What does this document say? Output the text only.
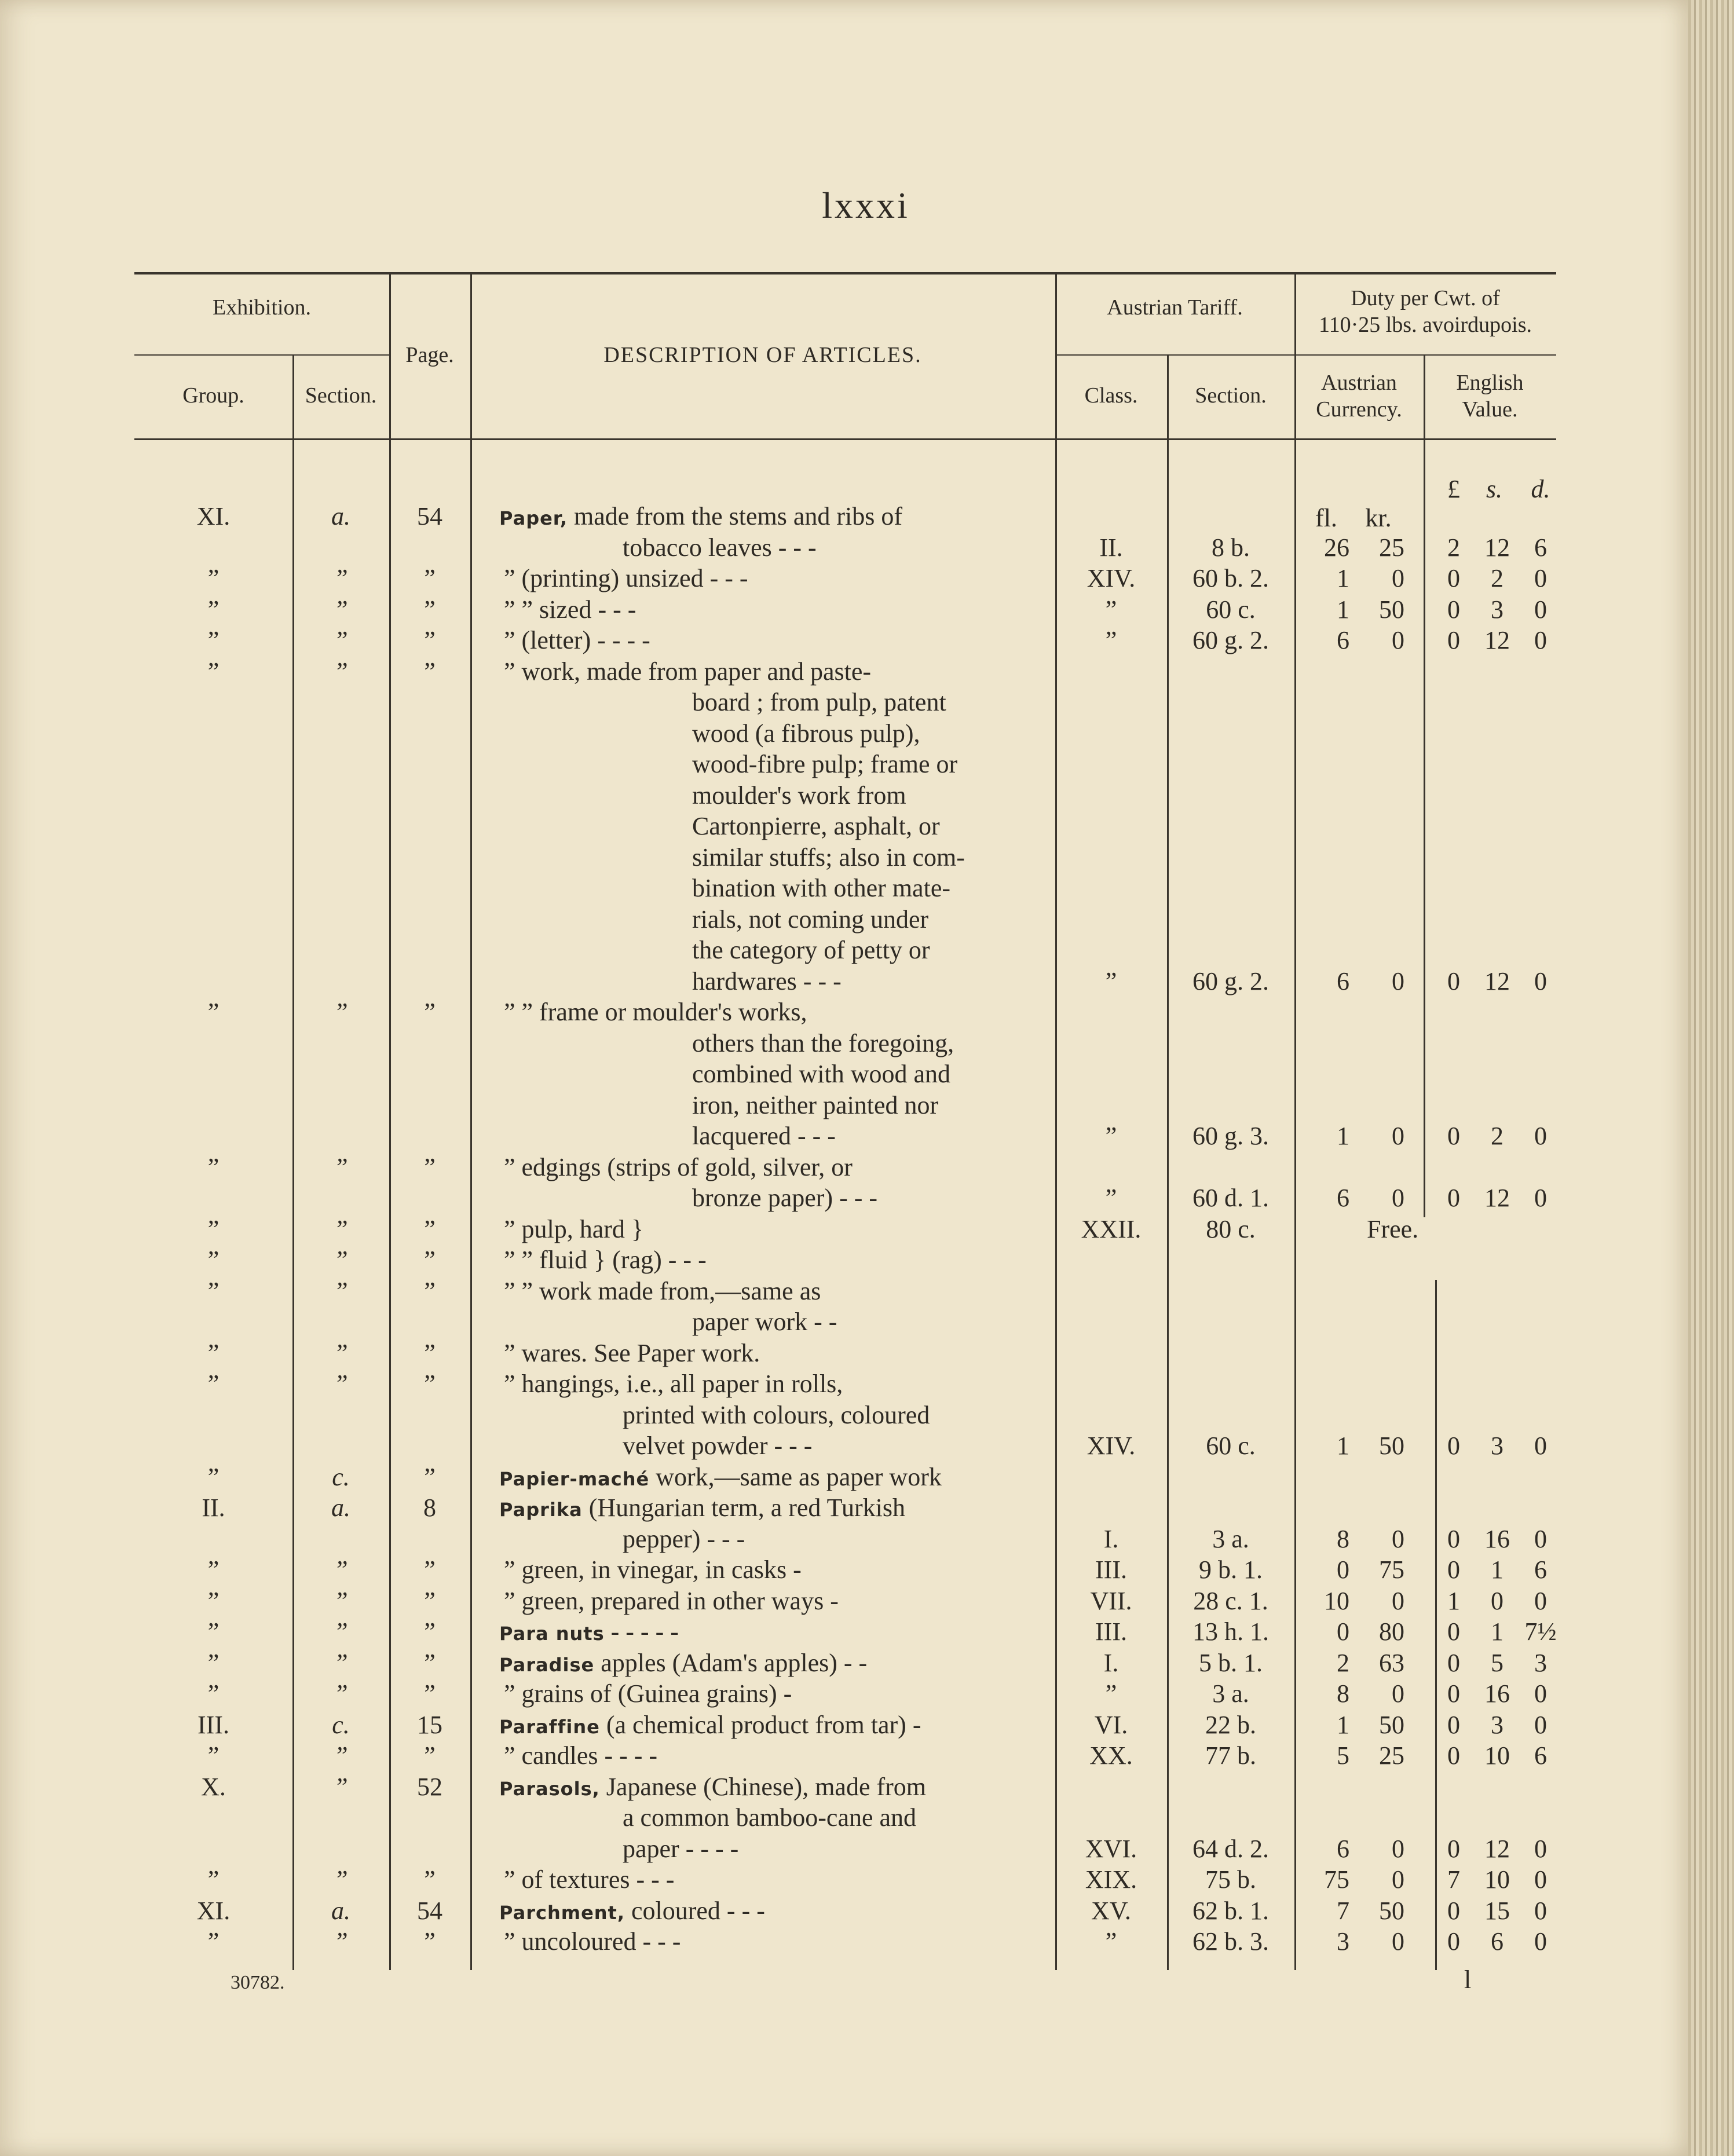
lxxxi
Exhibition.
Page.	DESCRIPTION OF ARTICLES.
Austrian Tariff.	Duty per Cwt. of
110·25 lbs. avoirdupois.
Group.	Section.	Class.	Section.
Austrian
Currency.
English
Value.
£	s.	d.
fl.	kr.
XI.	a.	54	Paper, made from the stems and ribs of
tobacco leaves - - -	II.	8 b.	26	25	2 12 6
”	”	”	” (printing) unsized - - -	XIV.	60 b. 2.	1	0	0	2	0
”	”	”	” ” sized - - -	”	60 c.	1	50	0	3	0
”	”	”	” (letter) - - - -	”	60 g. 2.	6	0	0 12 0
”	”	”	” work, made from paper and paste-
board ; from pulp, patent
wood (a fibrous pulp),
wood-fibre pulp; frame or
moulder's work from
Cartonpierre, asphalt, or
similar stuffs; also in com-
bination with other mate-
rials, not coming under
the category of petty or
hardwares - - -	”	60 g. 2.	6	0	0 12 0
”	”	”	” ” frame or moulder's works,
others than the foregoing,
combined with wood and
iron, neither painted nor
lacquered - - -	”	60 g. 3.	1	0	0	2	0
”	”	”	” edgings (strips of gold, silver, or
bronze paper) - - -	”	60 d. 1.	6	0	0 12 0
”	”	”	” pulp, hard }	XXII.	80 c.	Free.
”	”	”	” ” fluid } (rag) - - -
”	”	”	” ” work made from,—same as
paper work - -
”	”	”	” wares. See Paper work.
”	”	”	” hangings, i.e., all paper in rolls,
printed with colours, coloured
velvet powder - - -	XIV.	60 c.	1	50	0	3	0
”	c.	”	Papier-maché work,—same as paper work
II.	a.	8	Paprika (Hungarian term, a red Turkish
pepper) - - -	I.	3 a.	8	0	0 16 0
”	”	”	” green, in vinegar, in casks -	III.	9 b. 1.	0	75	0	1	6
”	”	”	” green, prepared in other ways -	VII.	28 c. 1.	10	0	1	0	0
”	”	”	Para nuts - - - - -	III.	13 h. 1.	0	80	0	1 7½
”	”	”	Paradise apples (Adam's apples) - -	I.	5 b. 1.	2	63	0	5	3
”	”	”	” grains of (Guinea grains) -	”	3 a.	8	0	0 16 0
III.	c.	15	Paraffine (a chemical product from tar) -	VI.	22 b.	1	50	0	3	0
”	”	”	” candles - - - -	XX.	77 b.	5	25	0 10 6
X.	”	52	Parasols, Japanese (Chinese), made from
a common bamboo-cane and
paper - - - -	XVI.	64 d. 2.	6	0	0 12 0
”	”	”	” of textures - - -	XIX.	75 b.	75	0	7 10 0
XI.	a.	54	Parchment, coloured - - -	XV.	62 b. 1.	7	50	0 15 0
”	”	”	” uncoloured - - -	”	62 b. 3.	3	0	0	6	0
30782.	l
